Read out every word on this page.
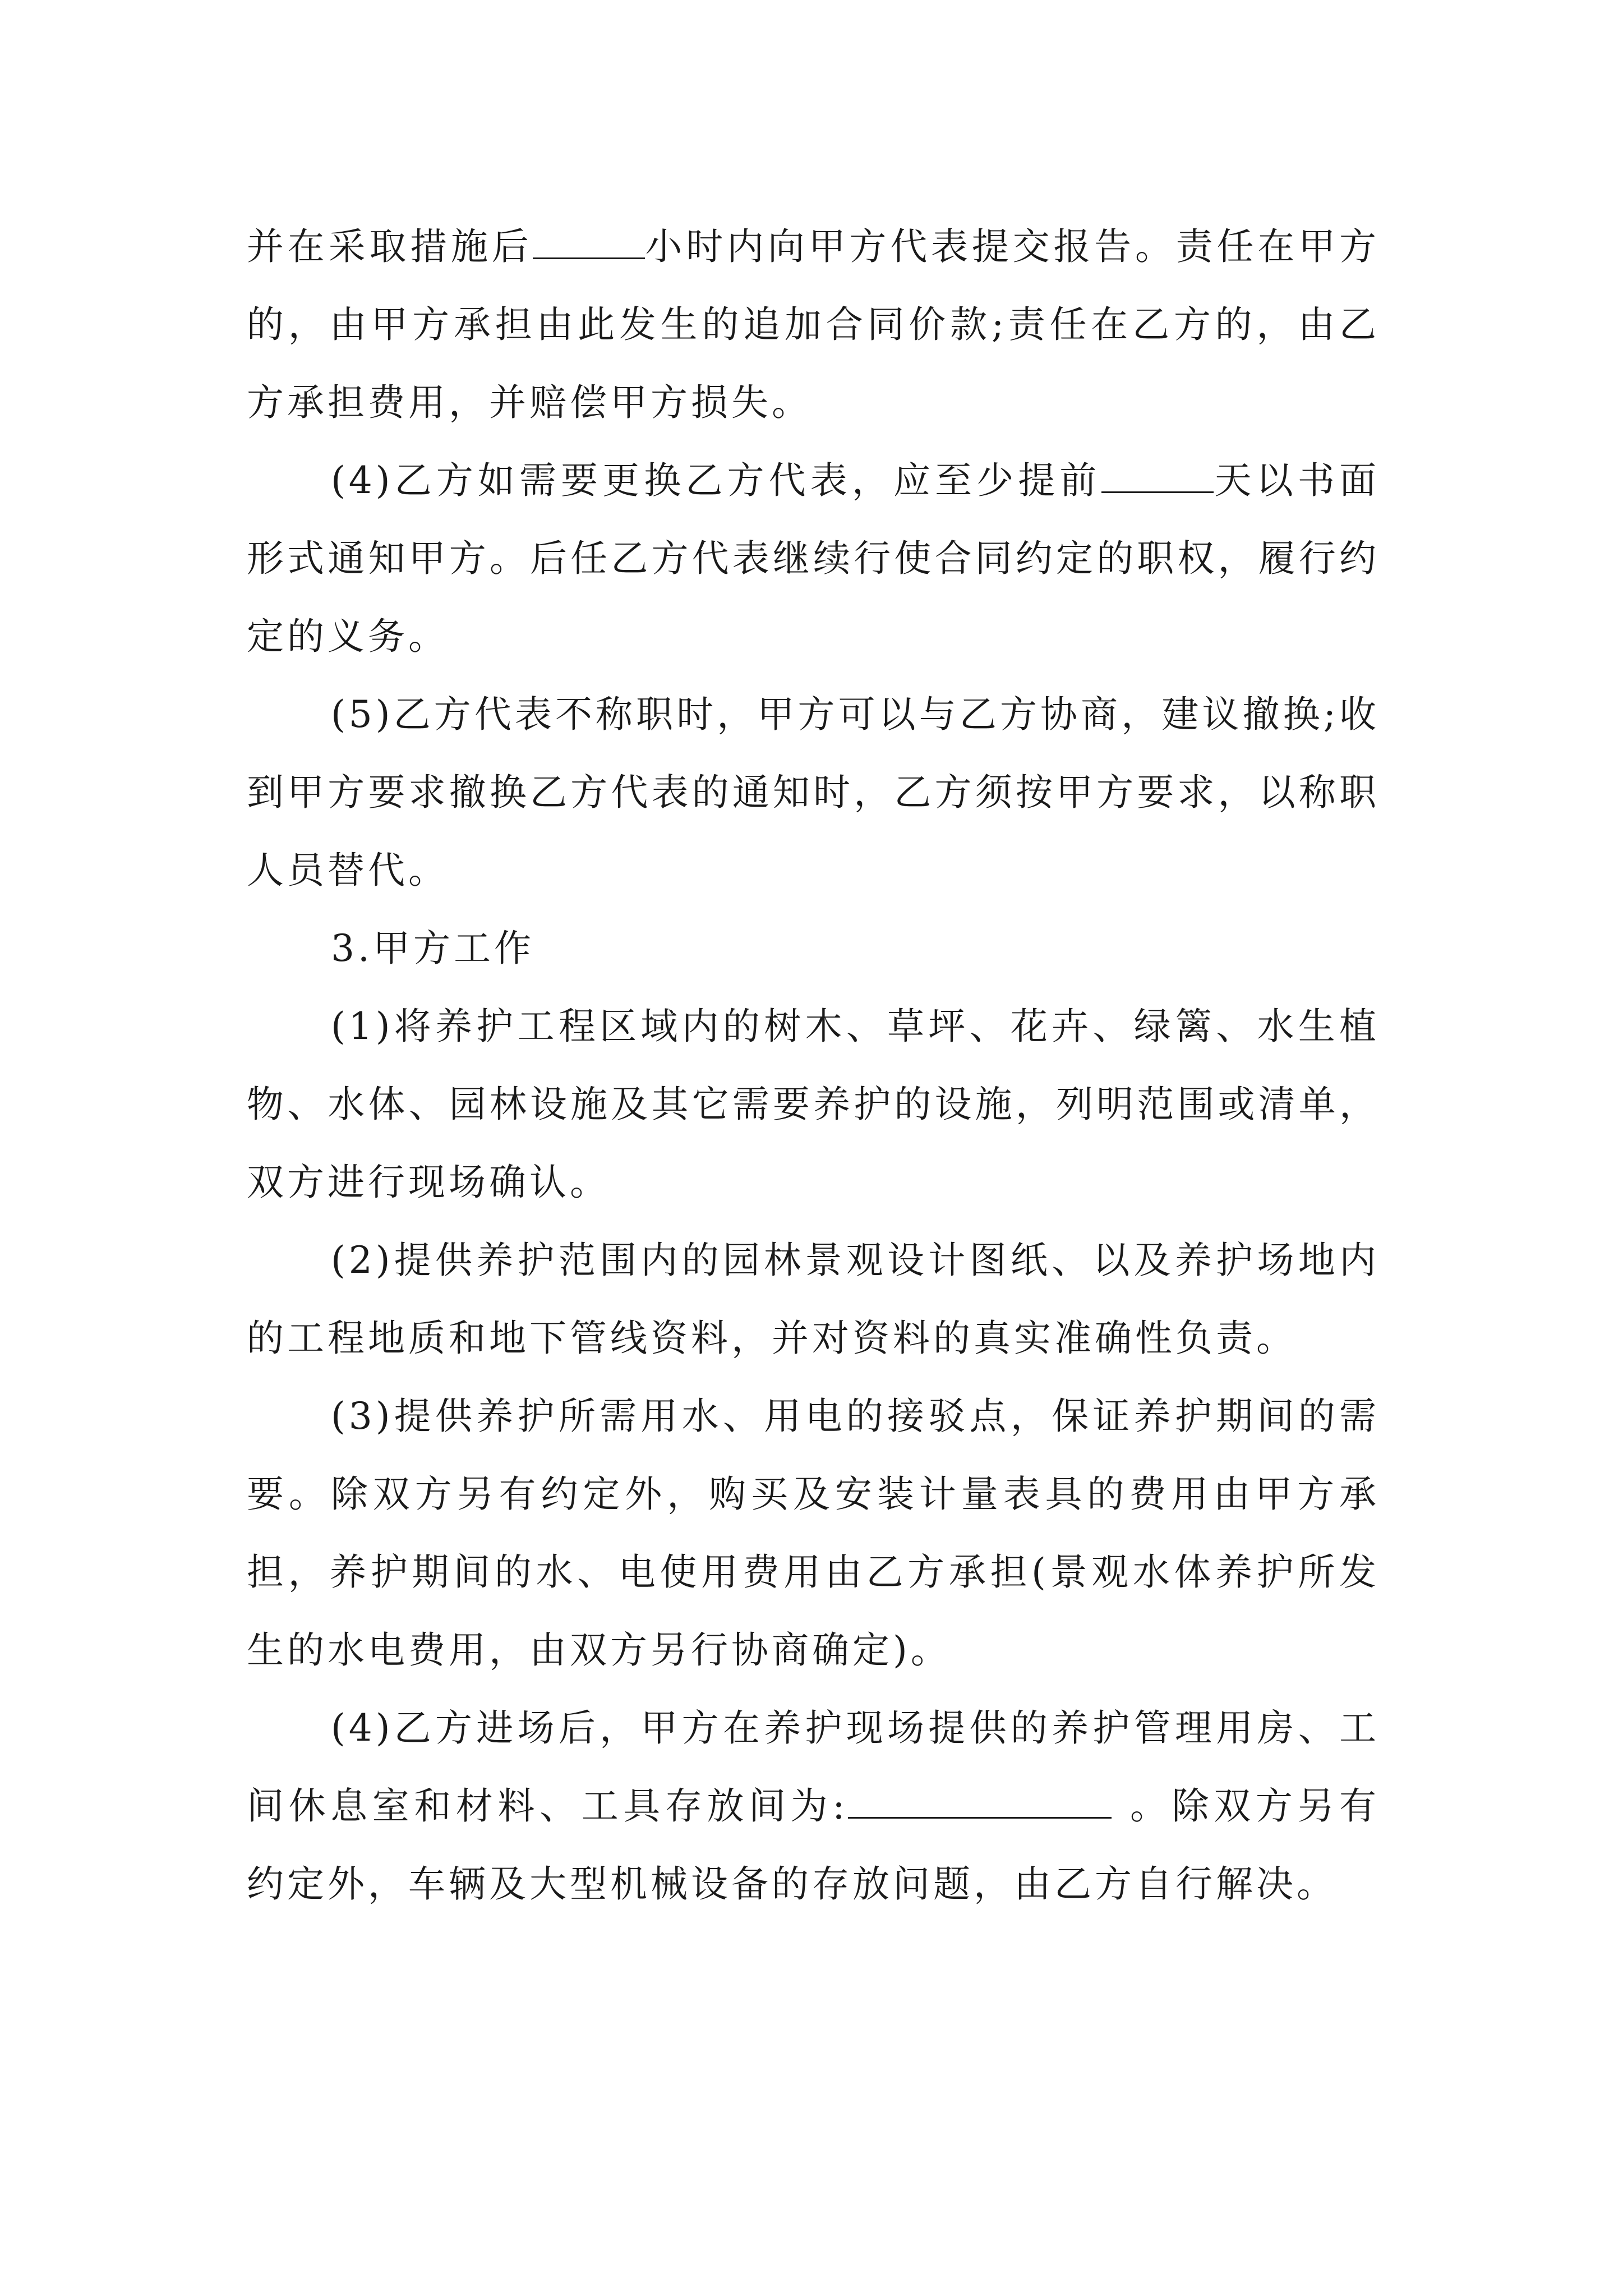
并在采取措施后	小时内向甲方代表提交报告。责任在甲方的，由甲方承担由此发生的追加合同价款;责任在乙方的，由乙方承担费用，并赔偿甲方损失。

(4)乙方如需要更换乙方代表，应至少提前	天以书面形式通知甲方。后任乙方代表继续行使合同约定的职权，履行约定的义务。

(5)乙方代表不称职时，甲方可以与乙方协商，建议撤换;收到甲方要求撤换乙方代表的通知时，乙方须按甲方要求，以称职人员替代。

3.甲方工作

(1)将养护工程区域内的树木、草坪、花卉、绿篱、水生植物、水体、园林设施及其它需要养护的设施，列明范围或清单，双方进行现场确认。

(2)提供养护范围内的园林景观设计图纸、以及养护场地内的工程地质和地下管线资料，并对资料的真实准确性负责。

(3)提供养护所需用水、用电的接驳点，保证养护期间的需要。除双方另有约定外，购买及安装计量表具的费用由甲方承担，养护期间的水、电使用费用由乙方承担(景观水体养护所发生的水电费用，由双方另行协商确定)。

(4)乙方进场后，甲方在养护现场提供的养护管理用房、工间休息室和材料、工具存放间为:	。除双方另有约定外，车辆及大型机械设备的存放问题，由乙方自行解决。
